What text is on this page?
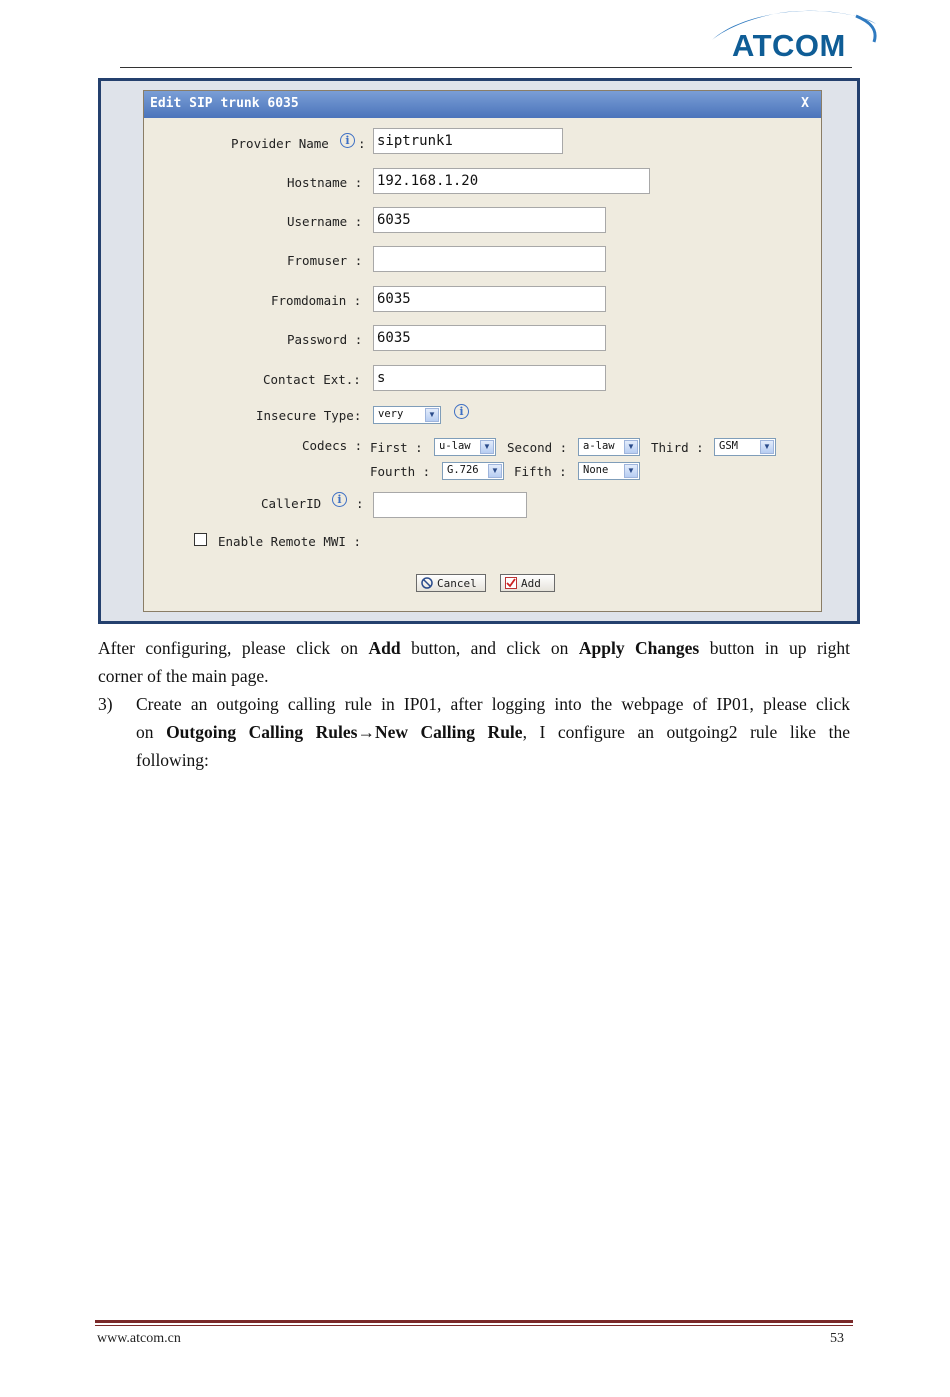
ATCOM
Edit SIP trunk 6035	X
Provider Name	i : siptrunk1
Hostname : 192.168.1.20
Username : 6035
Fromuser :
Fromdomain : 6035
Password : 6035
Contact Ext.: s
Insecure Type: very	▼	i
Codecs : First : u-law	▼ Second : a-law	▼ Third : GSM	▼
Fourth : G.726	▼ Fifth : None	▼
CallerID	i	:
Enable Remote MWI :
Cancel	Add
After configuring, please click on Add button, and click on Apply Changes button in up right
corner of the main page.
3) Create an outgoing calling rule in IP01, after logging into the webpage of IP01, please click
on Outgoing Calling Rules→New Calling Rule, I configure an outgoing2 rule like the
following:
www.atcom.cn	53
